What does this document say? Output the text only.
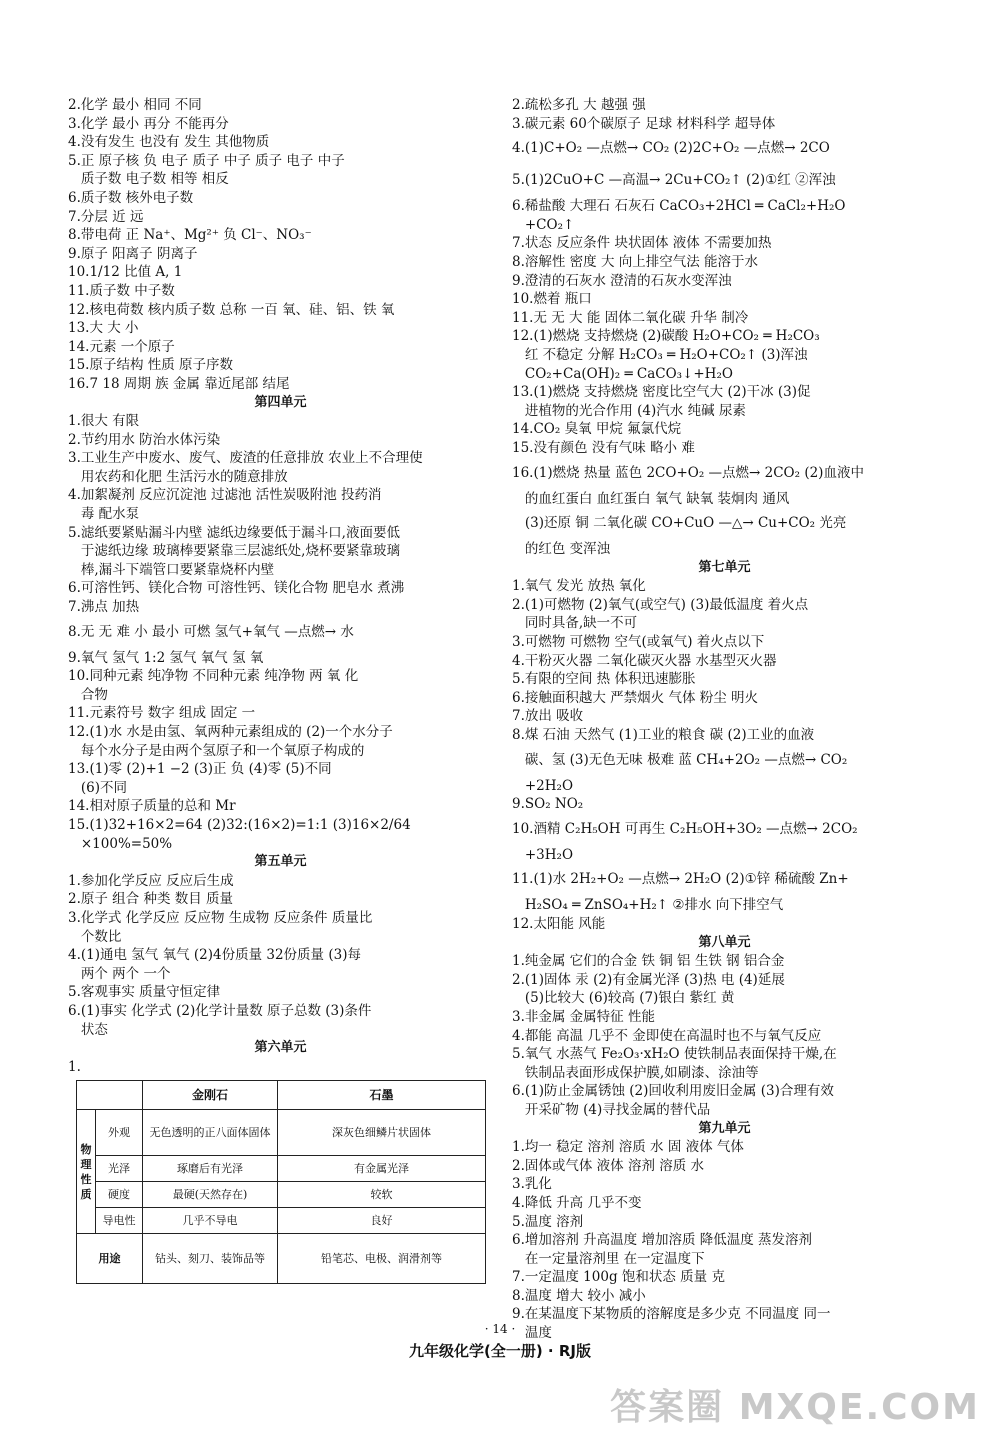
2.化学 最小 相同 不同
3.化学 最小 再分 不能再分
4.没有发生 也没有 发生 其他物质
5.正 原子核 负 电子 质子 中子 质子 电子 中子
质子数 电子数 相等 相反
6.质子数 核外电子数
7.分层 近 远
8.带电荷 正 Na⁺、Mg²⁺ 负 Cl⁻、NO₃⁻
9.原子 阳离子 阴离子
10.1/12 比值 A, 1
11.质子数 中子数
12.核电荷数 核内质子数 总称 一百 氧、硅、铝、铁 氧
13.大 大 小
14.元素 一个原子
15.原子结构 性质 原子序数
16.7 18 周期 族 金属 靠近尾部 结尾
第四单元
1.很大 有限
2.节约用水 防治水体污染
3.工业生产中废水、废气、废渣的任意排放 农业上不合理使
用农药和化肥 生活污水的随意排放
4.加絮凝剂 反应沉淀池 过滤池 活性炭吸附池 投药消
毒 配水泵
5.滤纸要紧贴漏斗内壁 滤纸边缘要低于漏斗口,液面要低
于滤纸边缘 玻璃棒要紧靠三层滤纸处,烧杯要紧靠玻璃
棒,漏斗下端管口要紧靠烧杯内壁
6.可溶性钙、镁化合物 可溶性钙、镁化合物 肥皂水 煮沸
7.沸点 加热
8.无 无 难 小 最小 可燃 氢气+氧气 —点燃→ 水
9.氧气 氢气 1:2 氢气 氧气 氢 氧
10.同种元素 纯净物 不同种元素 纯净物 两 氧 化
合物
11.元素符号 数字 组成 固定 一
12.(1)水 水是由氢、氧两种元素组成的 (2)一个水分子
每个水分子是由两个氢原子和一个氧原子构成的
13.(1)零 (2)+1 −2 (3)正 负 (4)零 (5)不同
(6)不同
14.相对原子质量的总和 Mr
15.(1)32+16×2=64 (2)32:(16×2)=1:1 (3)16×2/64
×100%=50%
第五单元
1.参加化学反应 反应后生成
2.原子 组合 种类 数目 质量
3.化学式 化学反应 反应物 生成物 反应条件 质量比
个数比
4.(1)通电 氢气 氧气 (2)4份质量 32份质量 (3)每
两个 两个 一个
5.客观事实 质量守恒定律
6.(1)事实 化学式 (2)化学计量数 原子总数 (3)条件
状态
第六单元
1.
		金刚石	石墨
物理性质	外观	无色透明的正八面体固体	深灰色细鳞片状固体
	光泽	琢磨后有光泽	有金属光泽
	硬度	最硬(天然存在)	较软
	导电性	几乎不导电	良好
用途		钻头、刻刀、装饰品等	铅笔芯、电极、润滑剂等
2.疏松多孔 大 越强 强
3.碳元素 60个碳原子 足球 材料科学 超导体
4.(1)C+O₂ —点燃→ CO₂ (2)2C+O₂ —点燃→ 2CO
5.(1)2CuO+C —高温→ 2Cu+CO₂↑ (2)①红 ②浑浊
6.稀盐酸 大理石 石灰石 CaCO₃+2HCl ═ CaCl₂+H₂O
+CO₂↑
7.状态 反应条件 块状固体 液体 不需要加热
8.溶解性 密度 大 向上排空气法 能溶于水
9.澄清的石灰水 澄清的石灰水变浑浊
10.燃着 瓶口
11.无 无 大 能 固体二氧化碳 升华 制冷
12.(1)燃烧 支持燃烧 (2)碳酸 H₂O+CO₂ ═ H₂CO₃
红 不稳定 分解 H₂CO₃ ═ H₂O+CO₂↑ (3)浑浊
CO₂+Ca(OH)₂ ═ CaCO₃↓+H₂O
13.(1)燃烧 支持燃烧 密度比空气大 (2)干冰 (3)促
进植物的光合作用 (4)汽水 纯碱 尿素
14.CO₂ 臭氧 甲烷 氟氯代烷
15.没有颜色 没有气味 略小 难
16.(1)燃烧 热量 蓝色 2CO+O₂ —点燃→ 2CO₂ (2)血液中
的血红蛋白 血红蛋白 氧气 缺氧 装炯肉 通风
(3)还原 铜 二氧化碳 CO+CuO —△→ Cu+CO₂ 光亮
的红色 变浑浊
第七单元
1.氧气 发光 放热 氧化
2.(1)可燃物 (2)氧气(或空气) (3)最低温度 着火点
同时具备,缺一不可
3.可燃物 可燃物 空气(或氧气) 着火点以下
4.干粉灭火器 二氧化碳灭火器 水基型灭火器
5.有限的空间 热 体积迅速膨胀
6.接触面积越大 严禁烟火 气体 粉尘 明火
7.放出 吸收
8.煤 石油 天然气 (1)工业的粮食 碳 (2)工业的血液
碳、氢 (3)无色无味 极难 蓝 CH₄+2O₂ —点燃→ CO₂
+2H₂O
9.SO₂ NO₂
10.酒精 C₂H₅OH 可再生 C₂H₅OH+3O₂ —点燃→ 2CO₂
+3H₂O
11.(1)水 2H₂+O₂ —点燃→ 2H₂O (2)①锌 稀硫酸 Zn+
H₂SO₄ ═ ZnSO₄+H₂↑ ②排水 向下排空气
12.太阳能 风能
第八单元
1.纯金属 它们的合金 铁 铜 铝 生铁 钢 铝合金
2.(1)固体 汞 (2)有金属光泽 (3)热 电 (4)延展
(5)比较大 (6)较高 (7)银白 紫红 黄
3.非金属 金属特征 性能
4.都能 高温 几乎不 金即使在高温时也不与氧气反应
5.氧气 水蒸气 Fe₂O₃·xH₂O 使铁制品表面保持干燥,在
铁制品表面形成保护膜,如刷漆、涂油等
6.(1)防止金属锈蚀 (2)回收利用废旧金属 (3)合理有效
开采矿物 (4)寻找金属的替代品
第九单元
1.均一 稳定 溶剂 溶质 水 固 液体 气体
2.固体或气体 液体 溶剂 溶质 水
3.乳化
4.降低 升高 几乎不变
5.温度 溶剂
6.增加溶剂 升高温度 增加溶质 降低温度 蒸发溶剂
在一定量溶剂里 在一定温度下
7.一定温度 100g 饱和状态 质量 克
8.温度 增大 较小 减小
9.在某温度下某物质的溶解度是多少克 不同温度 同一
温度
· 14 ·
九年级化学(全一册) · RJ版
答案圈 MXQE.COM
